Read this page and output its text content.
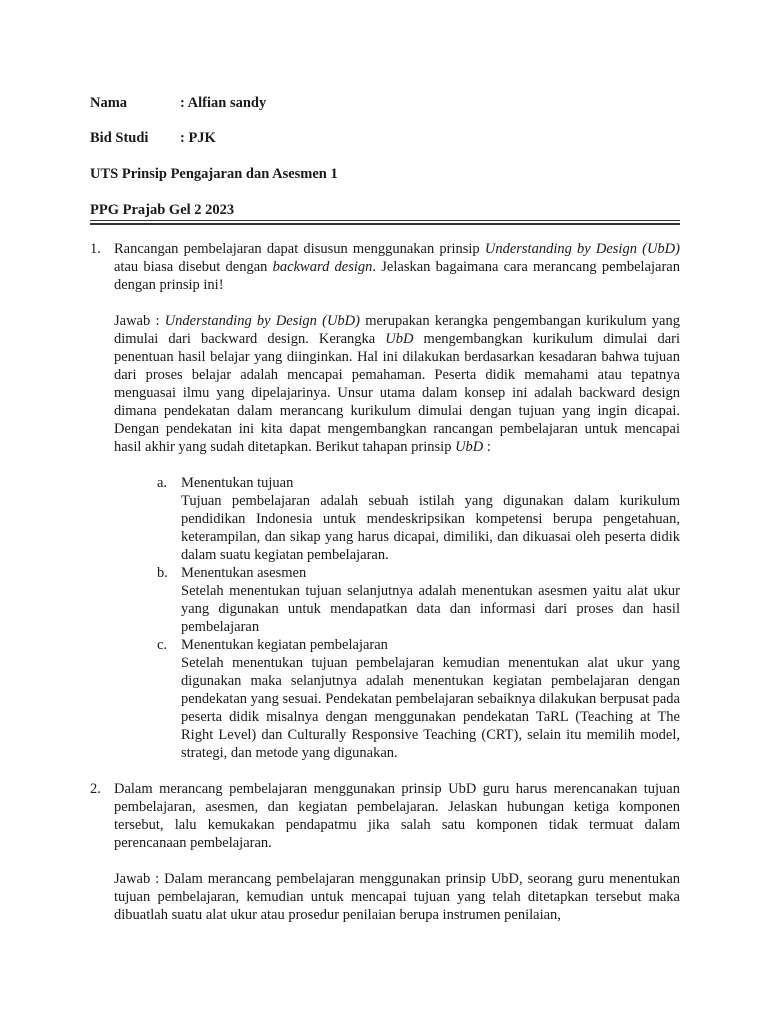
Nama	: Alfian sandy
Bid Studi : PJK
UTS Prinsip Pengajaran dan Asesmen 1
PPG Prajab Gel 2 2023
1. Rancangan pembelajaran dapat disusun menggunakan prinsip Understanding by Design (UbD) atau biasa disebut dengan backward design. Jelaskan bagaimana cara merancang pembelajaran dengan prinsip ini!

Jawab : Understanding by Design (UbD) merupakan kerangka pengembangan kurikulum yang dimulai dari backward design. Kerangka UbD mengembangkan kurikulum dimulai dari penentuan hasil belajar yang diinginkan. Hal ini dilakukan berdasarkan kesadaran bahwa tujuan dari proses belajar adalah mencapai pemahaman. Peserta didik memahami atau tepatnya menguasai ilmu yang dipelajarinya. Unsur utama dalam konsep ini adalah backward design dimana pendekatan dalam merancang kurikulum dimulai dengan tujuan yang ingin dicapai. Dengan pendekatan ini kita dapat mengembangkan rancangan pembelajaran untuk mencapai hasil akhir yang sudah ditetapkan. Berikut tahapan prinsip UbD :

a. Menentukan tujuan
Tujuan pembelajaran adalah sebuah istilah yang digunakan dalam kurikulum pendidikan Indonesia untuk mendeskripsikan kompetensi berupa pengetahuan, keterampilan, dan sikap yang harus dicapai, dimiliki, dan dikuasai oleh peserta didik dalam suatu kegiatan pembelajaran.
b. Menentukan asesmen
Setelah menentukan tujuan selanjutnya adalah menentukan asesmen yaitu alat ukur yang digunakan untuk mendapatkan data dan informasi dari proses dan hasil pembelajaran
c. Menentukan kegiatan pembelajaran
Setelah menentukan tujuan pembelajaran kemudian menentukan alat ukur yang digunakan maka selanjutnya adalah menentukan kegiatan pembelajaran dengan pendekatan yang sesuai. Pendekatan pembelajaran sebaiknya dilakukan berpusat pada peserta didik misalnya dengan menggunakan pendekatan TaRL (Teaching at The Right Level) dan Culturally Responsive Teaching (CRT), selain itu memilih model, strategi, dan metode yang digunakan.
2. Dalam merancang pembelajaran menggunakan prinsip UbD guru harus merencanakan tujuan pembelajaran, asesmen, dan kegiatan pembelajaran. Jelaskan hubungan ketiga komponen tersebut, lalu kemukakan pendapatmu jika salah satu komponen tidak termuat dalam perencanaan pembelajaran.

Jawab : Dalam merancang pembelajaran menggunakan prinsip UbD, seorang guru menentukan tujuan pembelajaran, kemudian untuk mencapai tujuan yang telah ditetapkan tersebut maka dibuatlah suatu alat ukur atau prosedur penilaian berupa instrumen penilaian,
